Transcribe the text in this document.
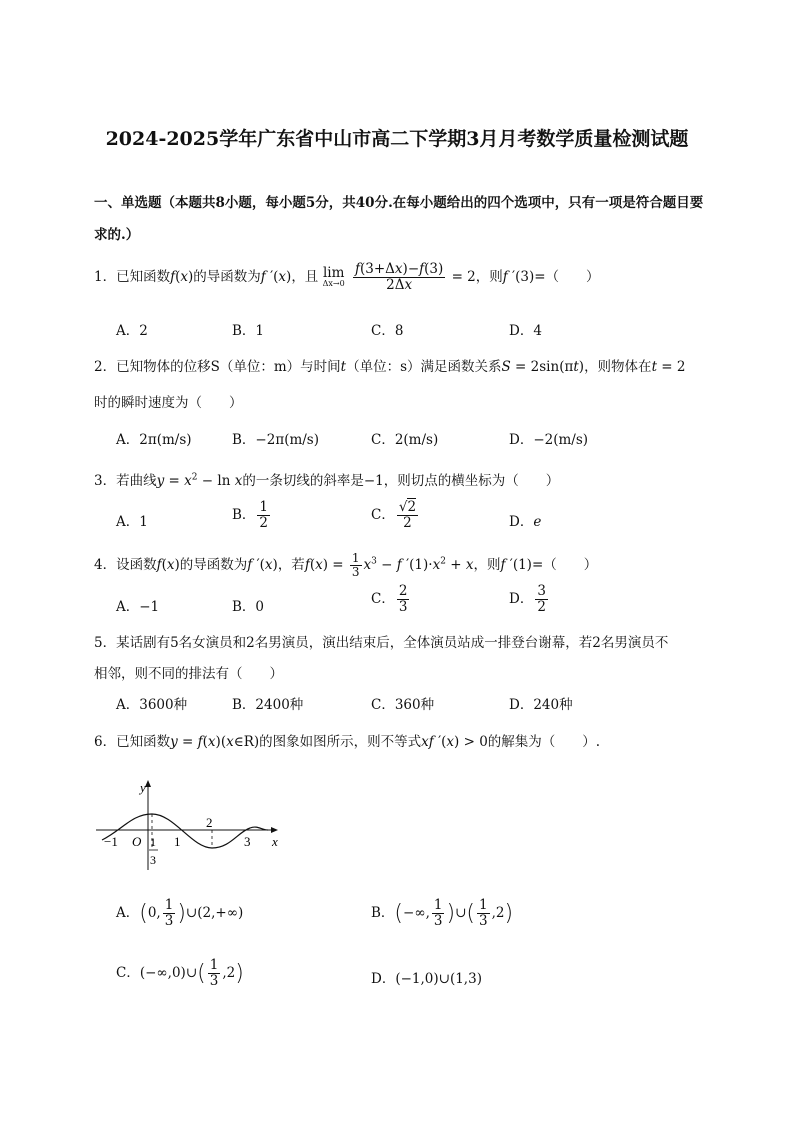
2024-2025学年广东省中山市高二下学期3月月考数学质量检测试题
一、单选题（本题共8小题，每小题5分，共40分.在每小题给出的四个选项中，只有一项是符合题目要求的.）
1．已知函数f(x)的导函数为f ′(x)，且 lim
Δx→0
$\frac{f(3+\Delta x)-f(3)}{2\Delta x} = 2$，则f ′(3)=（　　）
A．2	B．1	C．8	D．4
2．已知物体的位移S（单位：m）与时间t（单位：s）满足函数关系S = 2sin(πt)，则物体在t = 2
时的瞬时速度为（　　）
A．2π(m/s)	B．−2π(m/s)	C．2(m/s)	D．−2(m/s)
3．若曲线$y = x^2 - \ln x$的一条切线的斜率是−1，则切点的横坐标为（　　）
A．1	B． $\frac{1}{2}$	C． $\frac{√2}{2}$	D．e
4．设函数f(x)的导函数为f ′(x)，若$f(x) = \frac{1}{3} x^3 - f$ $'(1)\cdot x^2 + x$，则f ′(1)=（　　）
A．−1	B．0
C． $\frac{2}{3}$	D． $\frac{3}{2}$
5．某话剧有5名女演员和2名男演员，演出结束后，全体演员站成一排登台谢幕，若2名男演员不
相邻，则不同的排法有（　　）
A．3600种	B．2400种	C．360种	D．240种
6．已知函数y = f(x)(x∈R)的图象如图所示，则不等式xf ′(x) > 0的解集为（　　）.
y
x
O
−1	1
2
3
1
3
A．(0, $\frac{1}{3}$ )∪(2,+∞)	B．(−∞, $\frac{1}{3}$ )∪( $\frac{1}{3} ,2$)
C．(−∞,0)∪( $\frac{1}{3} ,2$)	D．(−1,0)∪(1,3)
